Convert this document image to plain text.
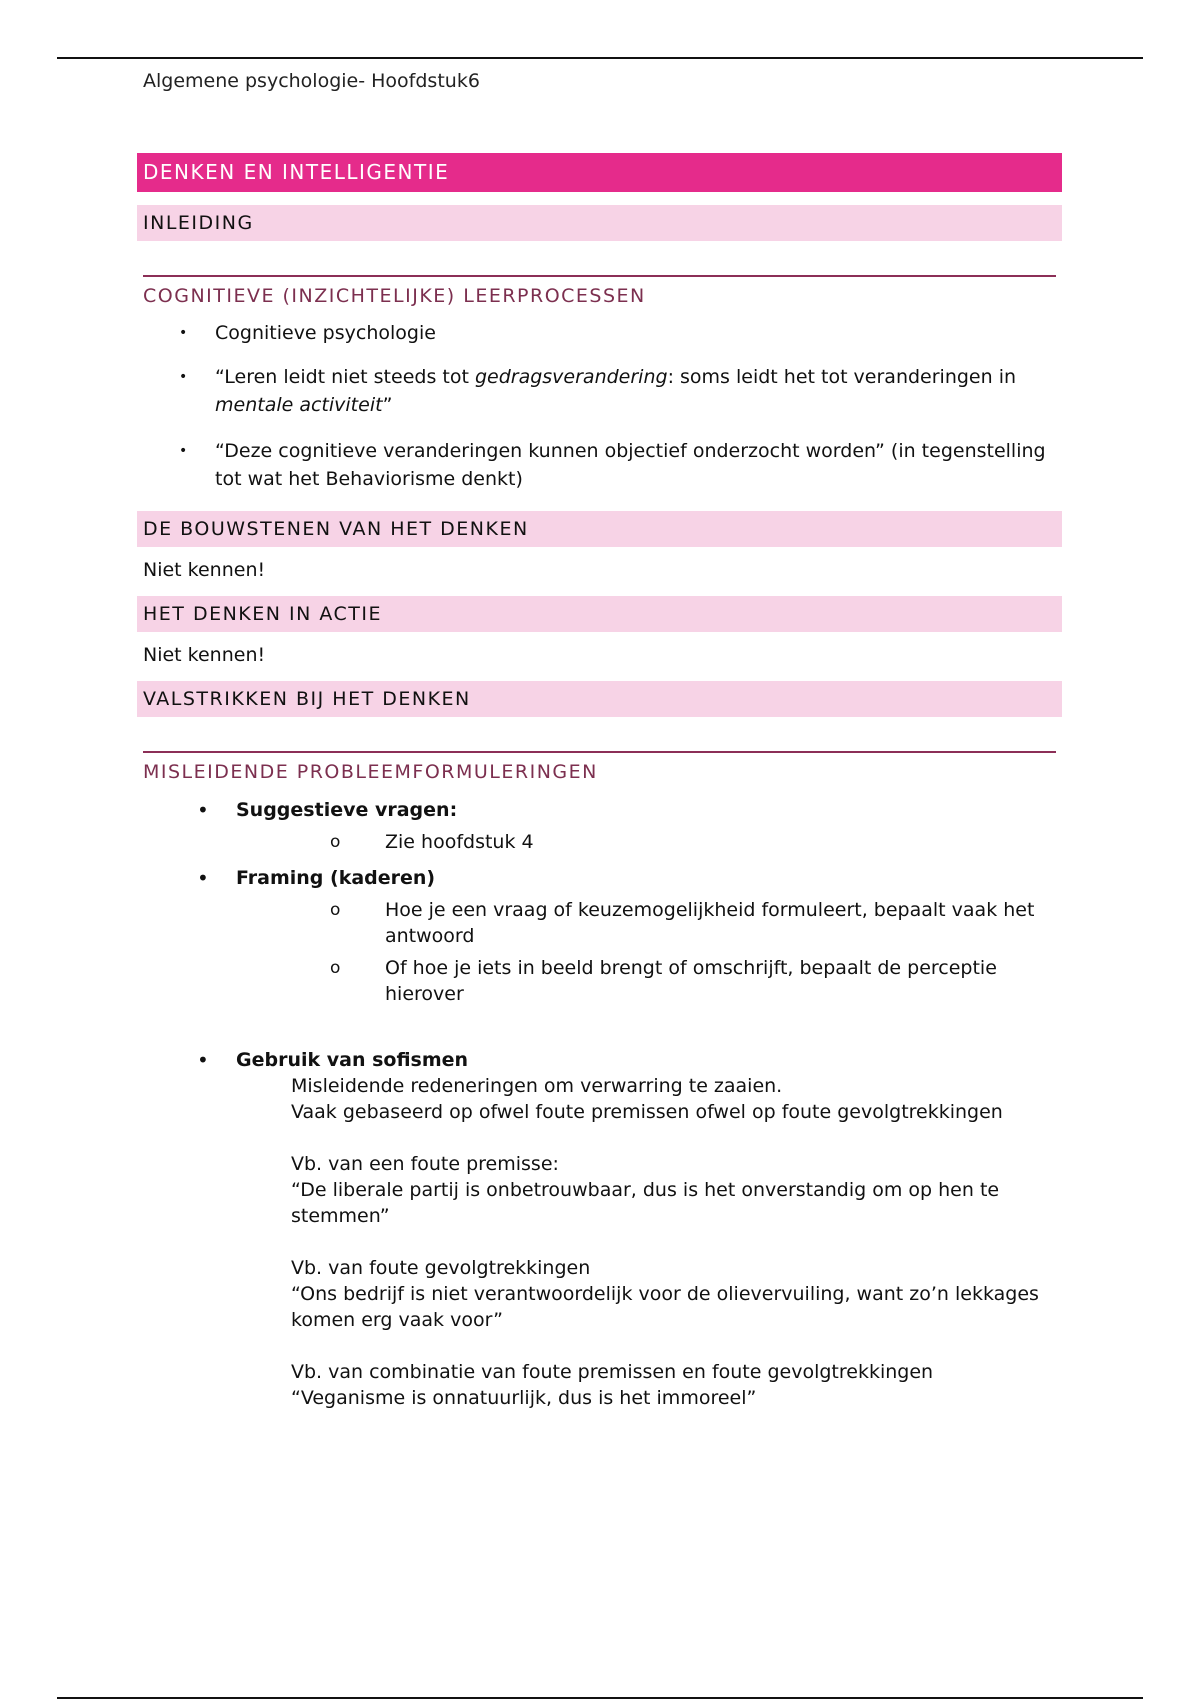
Algemene psychologie- Hoofdstuk6
DENKEN EN INTELLIGENTIE
INLEIDING
COGNITIEVE (INZICHTELIJKE) LEERPROCESSEN
• Cognitieve psychologie
• “Leren leidt niet steeds tot gedragsverandering: soms leidt het tot veranderingen in mentale activiteit”
• “Deze cognitieve veranderingen kunnen objectief onderzocht worden” (in tegenstelling tot wat het Behaviorisme denkt)
DE BOUWSTENEN VAN HET DENKEN
Niet kennen!
HET DENKEN IN ACTIE
Niet kennen!
VALSTRIKKEN BIJ HET DENKEN
MISLEIDENDE PROBLEEMFORMULERINGEN
• Suggestieve vragen:
o Zie hoofdstuk 4
• Framing (kaderen)
o Hoe je een vraag of keuzemogelijkheid formuleert, bepaalt vaak het antwoord
o Of hoe je iets in beeld brengt of omschrijft, bepaalt de perceptie hierover
• Gebruik van sofismen

Misleidende redeneringen om verwarring te zaaien.

Vaak gebaseerd op ofwel foute premissen ofwel op foute gevolgtrekkingen

Vb. van een foute premisse:

“De liberale partij is onbetrouwbaar, dus is het onverstandig om op hen te stemmen”

Vb. van foute gevolgtrekkingen

“Ons bedrijf is niet verantwoordelijk voor de olievervuiling, want zo’n lekkages komen erg vaak voor”

Vb. van combinatie van foute premissen en foute gevolgtrekkingen

“Veganisme is onnatuurlijk, dus is het immoreel”
